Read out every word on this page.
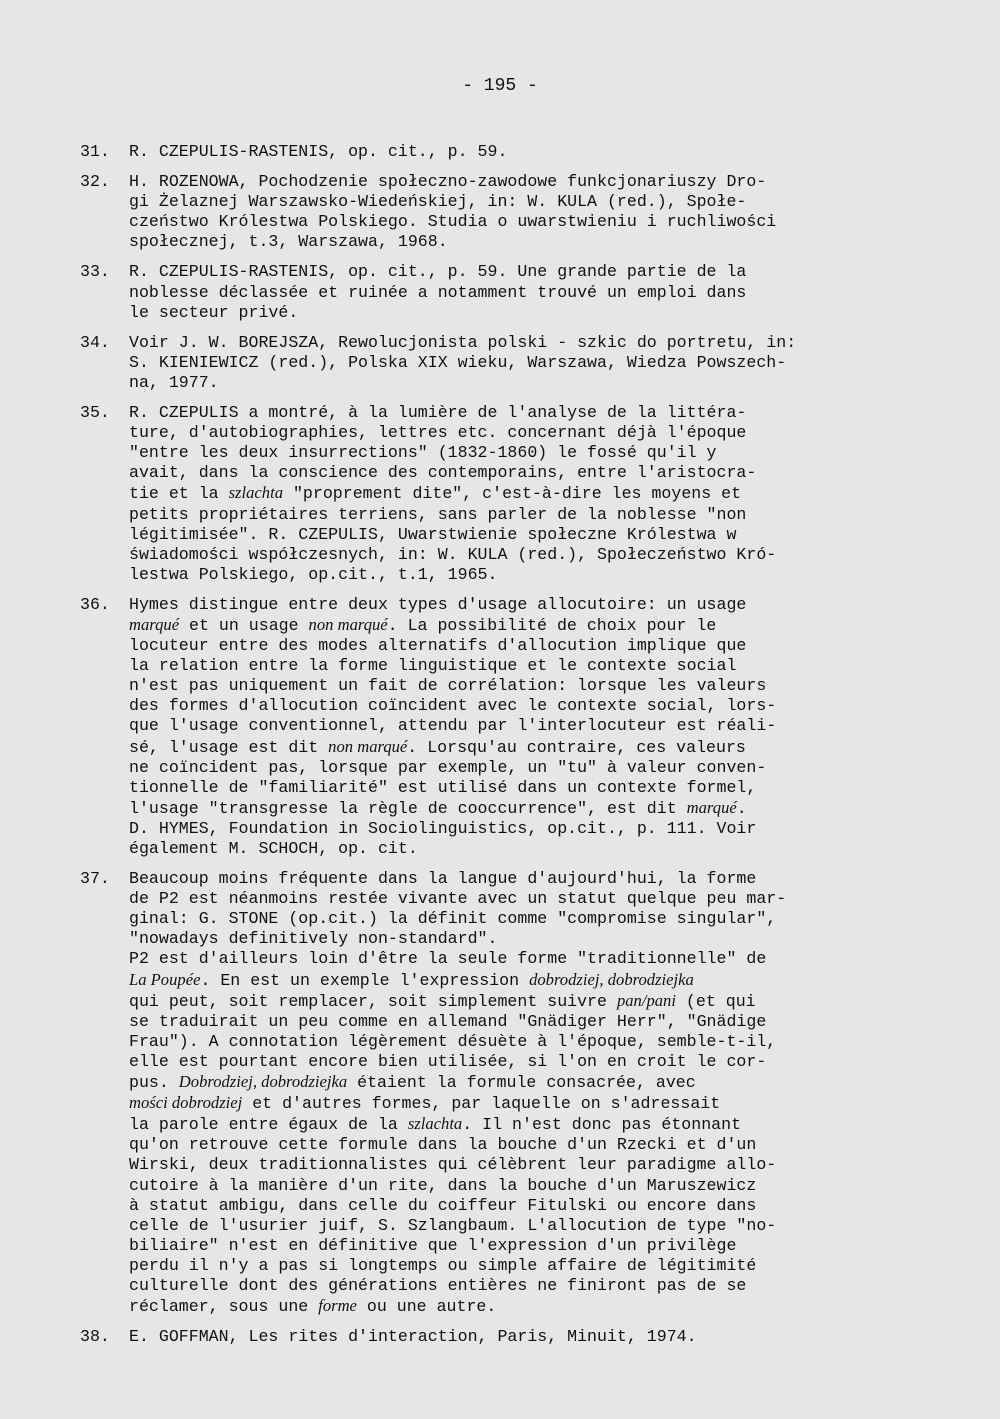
- 195 -
31.	R. CZEPULIS-RASTENIS, op. cit., p. 59.
32.	H. ROZENOWA, Pochodzenie społeczno-zawodowe funkcjonariuszy Dro-
gi Żelaznej Warszawsko-Wiedeńskiej, in: W. KULA (red.), Społe-
czeństwo Królestwa Polskiego. Studia o uwarstwieniu i ruchliwości
społecznej, t.3, Warszawa, 1968.
33.	R. CZEPULIS-RASTENIS, op. cit., p. 59. Une grande partie de la
noblesse déclassée et ruinée a notamment trouvé un emploi dans
le secteur privé.
34.	Voir J. W. BOREJSZA, Rewolucjonista polski - szkic do portretu, in:
S. KIENIEWICZ (red.), Polska XIX wieku, Warszawa, Wiedza Powszech-
na, 1977.
35.	R. CZEPULIS a montré, à la lumière de l'analyse de la littéra-
ture, d'autobiographies, lettres etc. concernant déjà l'époque
"entre les deux insurrections" (1832-1860) le fossé qu'il y
avait, dans la conscience des contemporains, entre l'aristocra-
tie et la szlachta "proprement dite", c'est-à-dire les moyens et
petits propriétaires terriens, sans parler de la noblesse "non
légitimisée". R. CZEPULIS, Uwarstwienie społeczne Królestwa w
świadomości współczesnych, in: W. KULA (red.), Społeczeństwo Kró-
lestwa Polskiego, op.cit., t.1, 1965.
36.	Hymes distingue entre deux types d'usage allocutoire: un usage
marqué et un usage non marqué. La possibilité de choix pour le
locuteur entre des modes alternatifs d'allocution implique que
la relation entre la forme linguistique et le contexte social
n'est pas uniquement un fait de corrélation: lorsque les valeurs
des formes d'allocution coïncident avec le contexte social, lors-
que l'usage conventionnel, attendu par l'interlocuteur est réali-
sé, l'usage est dit non marqué. Lorsqu'au contraire, ces valeurs
ne coïncident pas, lorsque par exemple, un "tu" à valeur conven-
tionnelle de "familiarité" est utilisé dans un contexte formel,
l'usage "transgresse la règle de cooccurrence", est dit marqué.
D. HYMES, Foundation in Sociolinguistics, op.cit., p. 111. Voir
également M. SCHOCH, op. cit.
37.	Beaucoup moins fréquente dans la langue d'aujourd'hui, la forme
de P2 est néanmoins restée vivante avec un statut quelque peu mar-
ginal: G. STONE (op.cit.) la définit comme "compromise singular",
"nowadays definitively non-standard".
P2 est d'ailleurs loin d'être la seule forme "traditionnelle" de
La Poupée. En est un exemple l'expression dobrodziej, dobrodziejka
qui peut, soit remplacer, soit simplement suivre pan/pani (et qui
se traduirait un peu comme en allemand "Gnädiger Herr", "Gnädige
Frau"). A connotation légèrement désuète à l'époque, semble-t-il,
elle est pourtant encore bien utilisée, si l'on en croit le cor-
pus. Dobrodziej, dobrodziejka étaient la formule consacrée, avec
mości dobrodziej et d'autres formes, par laquelle on s'adressait
la parole entre égaux de la szlachta. Il n'est donc pas étonnant
qu'on retrouve cette formule dans la bouche d'un Rzecki et d'un
Wirski, deux traditionnalistes qui célèbrent leur paradigme allo-
cutoire à la manière d'un rite, dans la bouche d'un Maruszewicz
à statut ambigu, dans celle du coiffeur Fitulski ou encore dans
celle de l'usurier juif, S. Szlangbaum. L'allocution de type "no-
biliaire" n'est en définitive que l'expression d'un privilège
perdu il n'y a pas si longtemps ou simple affaire de légitimité
culturelle dont des générations entières ne finiront pas de se
réclamer, sous une forme ou une autre.
38.	E. GOFFMAN, Les rites d'interaction, Paris, Minuit, 1974.
